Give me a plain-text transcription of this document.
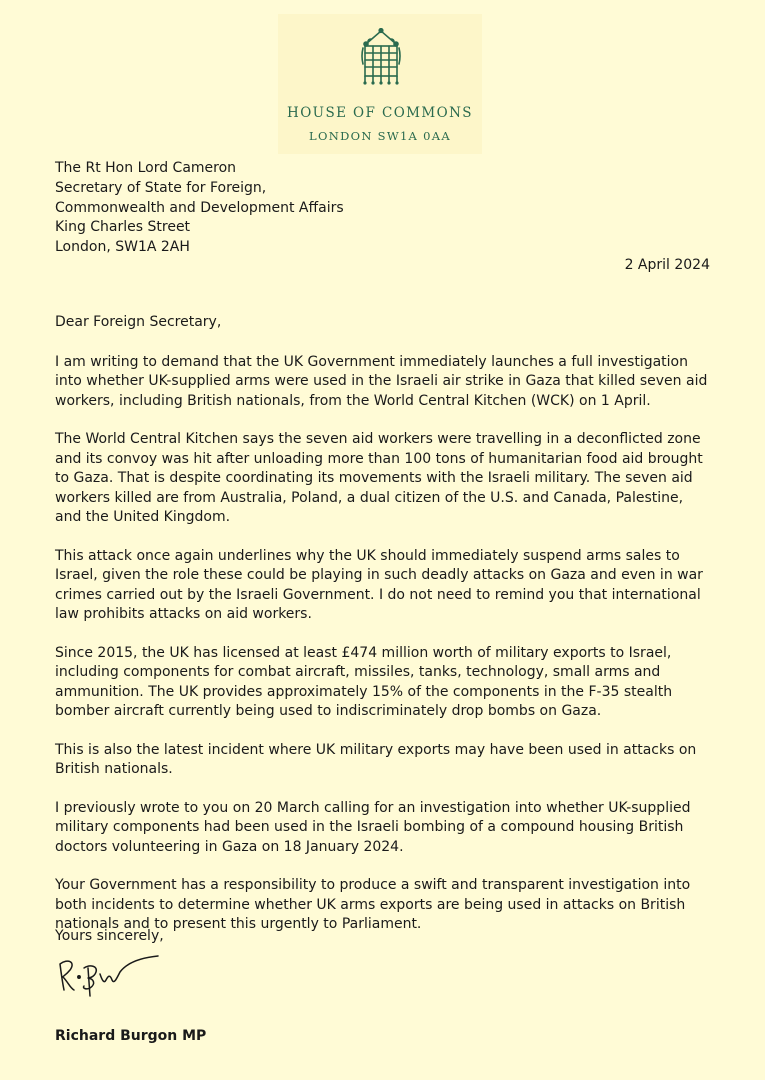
HOUSE OF COMMONS
LONDON SW1A 0AA
The Rt Hon Lord Cameron
Secretary of State for Foreign,
Commonwealth and Development Affairs
King Charles Street
London, SW1A 2AH
2 April 2024

Dear Foreign Secretary,

I am writing to demand that the UK Government immediately launches a full investigation into whether UK-supplied arms were used in the Israeli air strike in Gaza that killed seven aid workers, including British nationals, from the World Central Kitchen (WCK) on 1 April.

The World Central Kitchen says the seven aid workers were travelling in a deconflicted zone and its convoy was hit after unloading more than 100 tons of humanitarian food aid brought to Gaza. That is despite coordinating its movements with the Israeli military. The seven aid workers killed are from Australia, Poland, a dual citizen of the U.S. and Canada, Palestine, and the United Kingdom.

This attack once again underlines why the UK should immediately suspend arms sales to Israel, given the role these could be playing in such deadly attacks on Gaza and even in war crimes carried out by the Israeli Government. I do not need to remind you that international law prohibits attacks on aid workers.

Since 2015, the UK has licensed at least £474 million worth of military exports to Israel, including components for combat aircraft, missiles, tanks, technology, small arms and ammunition. The UK provides approximately 15% of the components in the F-35 stealth bomber aircraft currently being used to indiscriminately drop bombs on Gaza.

This is also the latest incident where UK military exports may have been used in attacks on British nationals.

I previously wrote to you on 20 March calling for an investigation into whether UK-supplied military components had been used in the Israeli bombing of a compound housing British doctors volunteering in Gaza on 18 January 2024.

Your Government has a responsibility to produce a swift and transparent investigation into both incidents to determine whether UK arms exports are being used in attacks on British nationals and to present this urgently to Parliament.

Yours sincerely,
Richard Burgon MP
